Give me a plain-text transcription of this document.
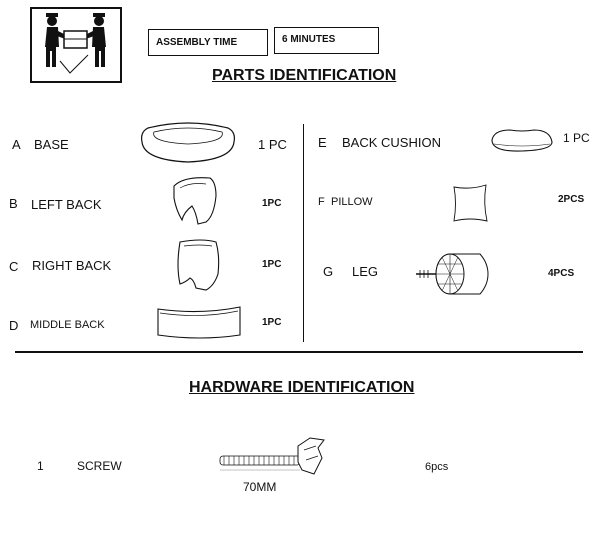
ASSEMBLY TIME	6 MINUTES
PARTS IDENTIFICATION
A BASE	1 PC
B LEFT BACK	1PC
C RIGHT BACK	1PC
D MIDDLE BACK	1PC
E BACK CUSHION	1 PC
F PILLOW	2PCS
G LEG	4PCS
HARDWARE IDENTIFICATION
1	SCREW
70MM
6pcs
